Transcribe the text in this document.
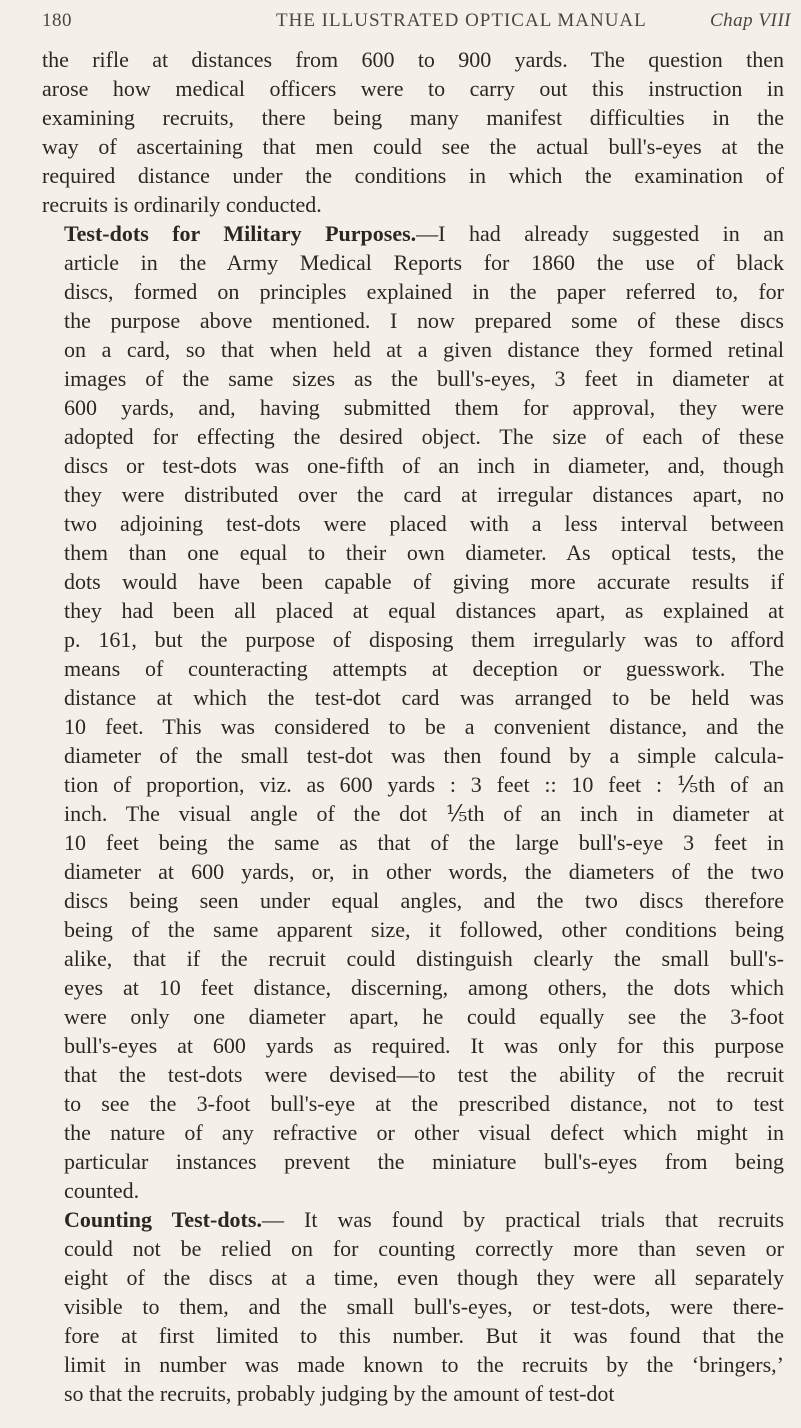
180	THE ILLUSTRATED OPTICAL MANUAL	Chap VIII

the rifle at distances from 600 to 900 yards. The question then
arose how medical officers were to carry out this instruction in
examining recruits, there being many manifest difficulties in the
way of ascertaining that men could see the actual bull's-eyes at the
required distance under the conditions in which the examination of
recruits is ordinarily conducted.

Test-dots for Military Purposes.—I had already suggested in an
article in the Army Medical Reports for 1860 the use of black
discs, formed on principles explained in the paper referred to, for
the purpose above mentioned. I now prepared some of these discs
on a card, so that when held at a given distance they formed retinal
images of the same sizes as the bull's-eyes, 3 feet in diameter at
600 yards, and, having submitted them for approval, they were
adopted for effecting the desired object. The size of each of these
discs or test-dots was one-fifth of an inch in diameter, and, though
they were distributed over the card at irregular distances apart, no
two adjoining test-dots were placed with a less interval between
them than one equal to their own diameter. As optical tests, the
dots would have been capable of giving more accurate results if
they had been all placed at equal distances apart, as explained at
p. 161, but the purpose of disposing them irregularly was to afford
means of counteracting attempts at deception or guesswork. The
distance at which the test-dot card was arranged to be held was
10 feet. This was considered to be a convenient distance, and the
diameter of the small test-dot was then found by a simple calcula-
tion of proportion, viz. as 600 yards : 3 feet :: 10 feet : ⅕th of an
inch. The visual angle of the dot ⅕th of an inch in diameter at
10 feet being the same as that of the large bull's-eye 3 feet in
diameter at 600 yards, or, in other words, the diameters of the two
discs being seen under equal angles, and the two discs therefore
being of the same apparent size, it followed, other conditions being
alike, that if the recruit could distinguish clearly the small bull's-
eyes at 10 feet distance, discerning, among others, the dots which
were only one diameter apart, he could equally see the 3-foot
bull's-eyes at 600 yards as required. It was only for this purpose
that the test-dots were devised—to test the ability of the recruit
to see the 3-foot bull's-eye at the prescribed distance, not to test
the nature of any refractive or other visual defect which might in
particular instances prevent the miniature bull's-eyes from being
counted.

Counting Test-dots.— It was found by practical trials that recruits
could not be relied on for counting correctly more than seven or
eight of the discs at a time, even though they were all separately
visible to them, and the small bull's-eyes, or test-dots, were there-
fore at first limited to this number. But it was found that the
limit in number was made known to the recruits by the ‘bringers,’
so that the recruits, probably judging by the amount of test-dot
